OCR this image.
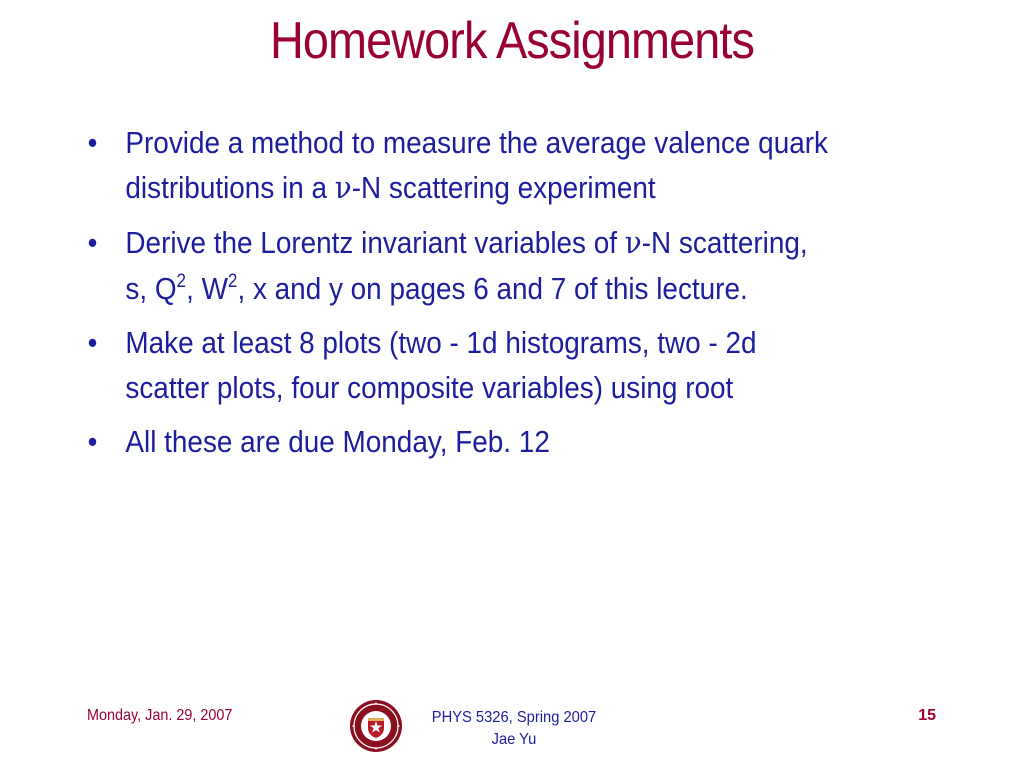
Homework Assignments
• Provide a method to measure the average valence quark
distributions in a ν-N scattering experiment
• Derive the Lorentz invariant variables of ν-N scattering,
s, $Q^2$, $W^2$, x and y on pages 6 and 7 of this lecture.
• Make at least 8 plots (two - 1d histograms, two - 2d
scatter plots, four composite variables) using root
• All these are due Monday, Feb. 12
Monday, Jan. 29, 2007	PHYS 5326, Spring 2007
Jae Yu
15
